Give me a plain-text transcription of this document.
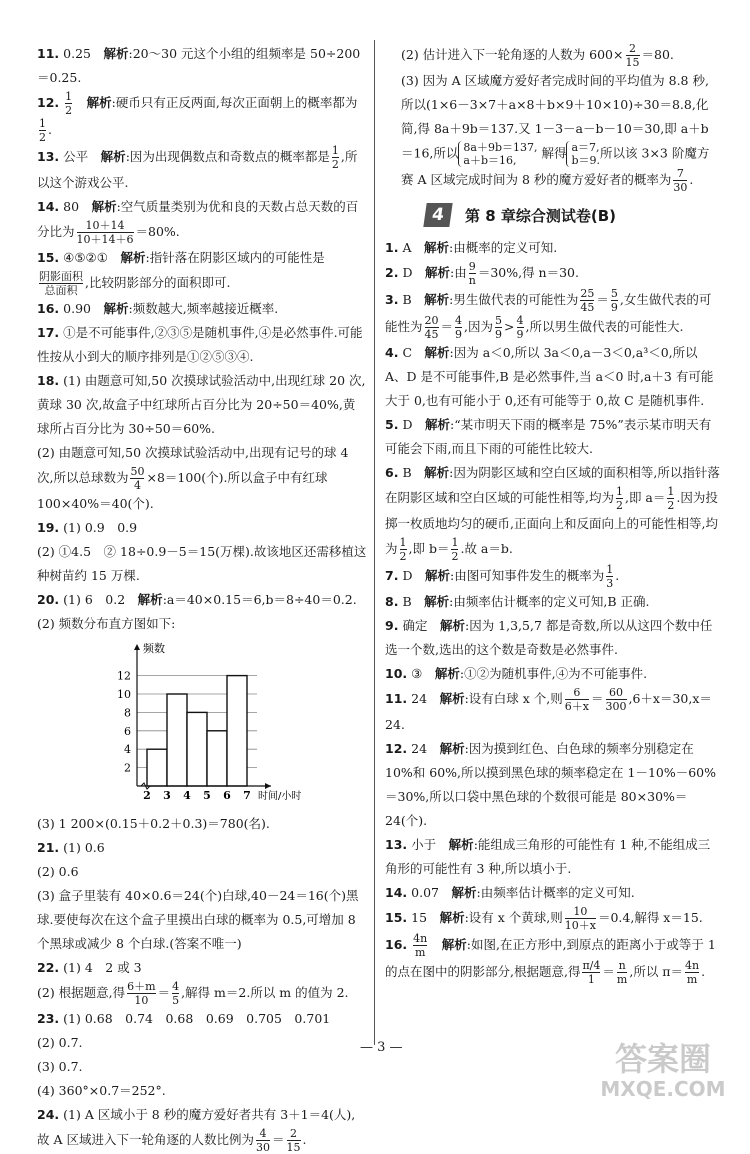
11. 0.25　 解析:20～30 元这个小组的组频率是 50÷200＝0.25.

12. $\frac{1}{2}$
　 解析:硬币只有正反两面,每次正面朝上的概率都为
$\frac{1}{2}$ .

13. 公平　 解析:因为出现偶数点和奇数点的概率都是 $\frac{1}{2}$ ,所以这个游戏公平.

14. 80　 解析:空气质量类别为优和良的天数占总天数的百分比为 $\frac{10+14}{10+14+6} =80\%$.

15. ④⑤②①　 解析:指针落在阴影区域内的可能性是
$\frac{\text{阴影面积}}{\text{总面积}}$ ,比较阴影部分的面积即可.

16. 0.90　 解析:频数越大,频率越接近概率.

17. ①是不可能事件,②③⑤是随机事件,④是必然事件.可能性按从小到大的顺序排列是①②⑤③④.

18. (1) 由题意可知,50 次摸球试验活动中,出现红球 20 次,黄球 30 次,故盒子中红球所占百分比为 20÷50＝40%,黄球所占百分比为 30÷50＝60%.
(2) 由题意可知,50 次摸球试验活动中,出现有记号的球 4 次,所以总球数为 $\frac{50}{4} \times 8=100$(个).所以盒子中有红球 100×40%＝40(个).

19. (1) 0.9　0.9
(2) ①4.5　② 18÷0.9－5＝15(万棵).故该地区还需移植这种树苗约 15 万棵.

20. (1) 6　0.2　 解析:a＝40×0.15＝6,b＝8÷40＝0.2.
(2) 频数分布直方图如下:

2
4
6
8
10
12
2 3 4 5 6 7
频数
时间/小时

(3) 1 200×(0.15＋0.2＋0.3)＝780(名).

21. (1) 0.6
(2) 0.6
(3) 盒子里装有 40×0.6＝24(个)白球,40－24＝16(个)黑球.要使每次在这个盒子里摸出白球的概率为 0.5,可增加 8 个黑球或减少 8 个白球.(答案不唯一)

22. (1) 4　2 或 3
(2) 根据题意,得 $\frac{6+m}{10} = \frac{4}{5}$ ,解得 m＝2.所以 m 的值为 2.

23. (1) 0.68　0.74　0.68　0.69　0.705　0.701
(2) 0.7.
(3) 0.7.
(4) 360°×0.7＝252°.

24. (1) A 区域小于 8 秒的魔方爱好者共有 3＋1＝4(人),故 A 区域进入下一轮角逐的人数比例为 $\frac{4}{30} = \frac{2}{15}$ .

(2) 估计进入下一轮角逐的人数为 $600\times \frac{2}{15} =80$.

(3) 因为 A 区域魔方爱好者完成时间的平均值为 8.8 秒,所以(1×6－3×7＋a×8＋b×9＋10×10)÷30＝8.8,化简,得 8a＋9b＝137.又 1－3－a－b－10＝30,即 a＋b＝16,所以 8a＋9b＝137,
a＋b＝16, 解得 a＝7,
b＝9.所以该 3×3 阶魔方赛 A 区域完成时间为 8 秒的魔方爱好者的概率为 $\frac{7}{30}$ .

4	第 8 章综合测试卷(B)

1. A　 解析:由概率的定义可知.

2. D　 解析:由 $\frac{9}{n} =30\%$,得 n＝30.

3. B　 解析:男生做代表的可能性为 $\frac{25}{45} = \frac{5}{9}$ ,女生做代表的可能性为 $\frac{20}{45} = \frac{4}{9}$ ,因为 $\frac{5}{9} > \frac{4}{9}$ ,所以男生做代表的可能性大.

4. C　 解析:因为 a＜0,所以 3a＜0,a－3＜0,a³＜0,所以 A、D 是不可能事件,B 是必然事件,当 a＜0 时,a＋3 有可能大于 0,也有可能小于 0,还有可能等于 0,故 C 是随机事件.

5. D　 解析:“某市明天下雨的概率是 75%”表示某市明天有可能会下雨,而且下雨的可能性比较大.

6. B　 解析:因为阴影区域和空白区域的面积相等,所以指针落在阴影区域和空白区域的可能性相等,均为 $\frac{1}{2}$ ,即 $a= \frac{1}{2}$ .因为投掷一枚质地均匀的硬币,正面向上和反面向上的可能性相等,均为 $\frac{1}{2}$ ,即 $b= \frac{1}{2}$ .故 a＝b.

7. D　 解析:由图可知事件发生的概率为 $\frac{1}{3}$ .

8. B　 解析:由频率估计概率的定义可知,B 正确.

9. 确定　 解析:因为 1,3,5,7 都是奇数,所以从这四个数中任选一个数,选出的这个数是奇数是必然事件.

10. ③　 解析:①②为随机事件,④为不可能事件.

11. 24　 解析:设有白球 x 个,则 $\frac{6}{6+x} = \frac{60}{300} ,6+x=30,x=24$.

12. 24　 解析:因为摸到红色、白色球的频率分别稳定在 10%和 60%,所以摸到黑色球的频率稳定在 1－10%－60%＝30%,所以口袋中黑色球的个数很可能是 80×30%＝24(个).

13. 小于　 解析:能组成三角形的可能性有 1 种,不能组成三角形的可能性有 3 种,所以填小于.

14. 0.07　 解析:由频率估计概率的定义可知.

15. 15　 解析:设有 x 个黄球,则 $\frac{10}{10+x} =0.4$,解得 x＝15.

16. $\frac{4n}{m}$
　 解析:如图,在正方形中,到原点的距离小于或等于 1 的点在图中的阴影部分,根据题意,得 $\frac{\pi/4}{1} = \frac{n}{m}$ ,所以 $\pi= \frac{4n}{m}$ .

— 3 —	答案圈
MXQE.COM
